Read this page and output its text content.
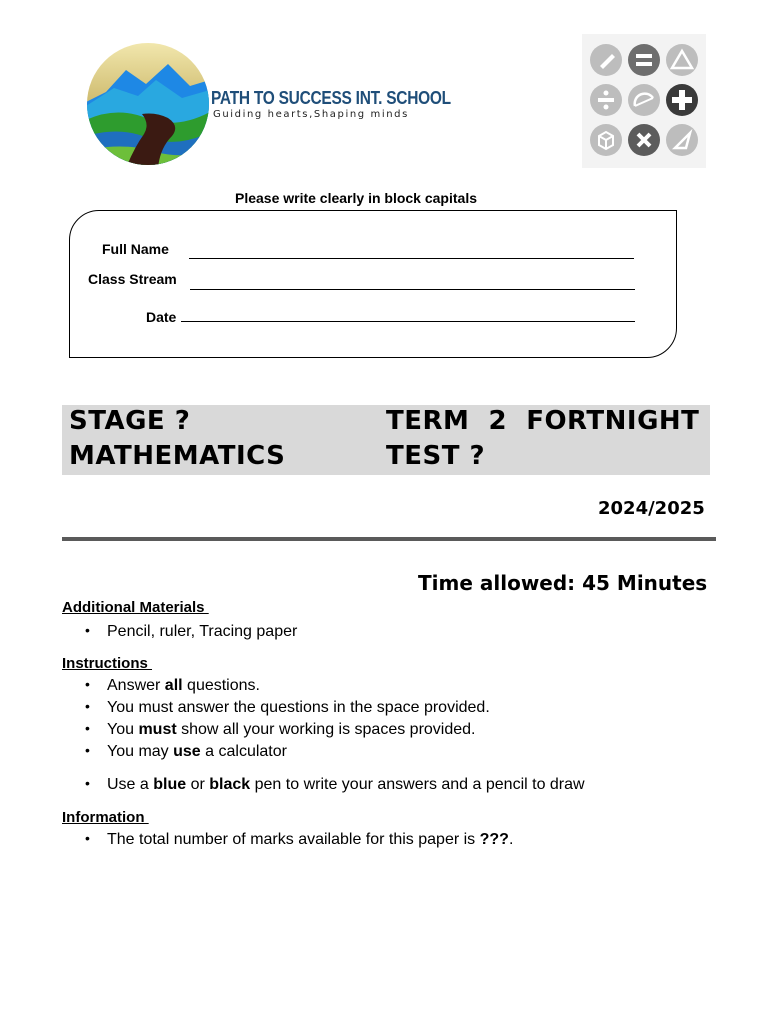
PATH TO SUCCESS INT. SCHOOL
Guiding hearts,Shaping minds
Please write clearly in block capitals
Full Name
Class Stream
Date
STAGE ?
MATHEMATICS
TERM  2  FORTNIGHT
TEST ?
2024/2025
Time allowed: 45 Minutes
Additional Materials
• Pencil, ruler, Tracing paper
Instructions
• Answer all questions.
• You must answer the questions in the space provided.
• You must show all your working is spaces provided.
• You may use a calculator
• Use a blue or black pen to write your answers and a pencil to draw
Information
• The total number of marks available for this paper is ???.
